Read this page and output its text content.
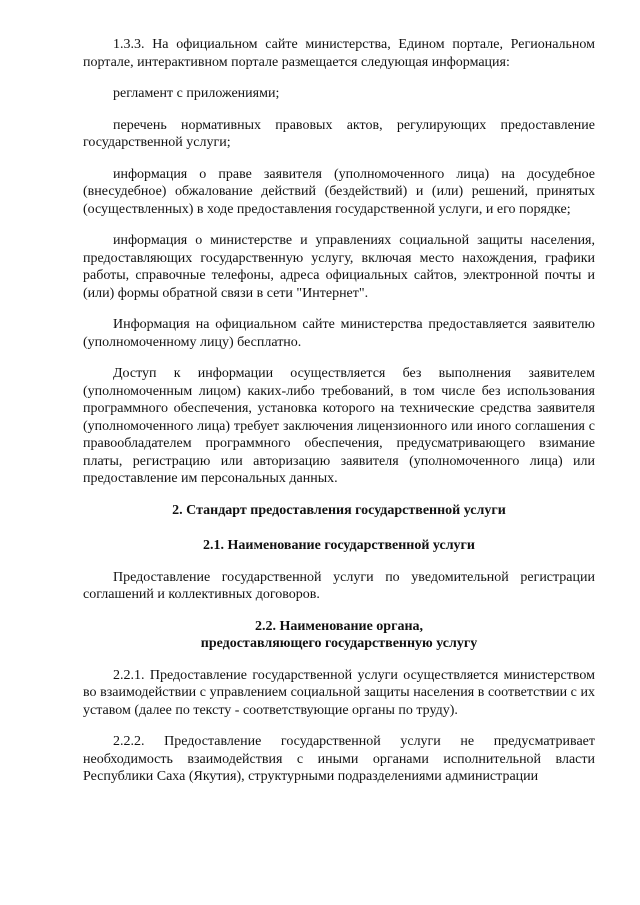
1.3.3. На официальном сайте министерства, Едином портале, Региональном портале, интерактивном портале размещается следующая информация:

регламент с приложениями;

перечень нормативных правовых актов, регулирующих предоставление государственной услуги;

информация о праве заявителя (уполномоченного лица) на досудебное (внесудебное) обжалование действий (бездействий) и (или) решений, принятых (осуществленных) в ходе предоставления государственной услуги, и его порядке;

информация о министерстве и управлениях социальной защиты населения, предоставляющих государственную услугу, включая место нахождения, графики работы, справочные телефоны, адреса официальных сайтов, электронной почты и (или) формы обратной связи в сети "Интернет".

Информация на официальном сайте министерства предоставляется заявителю (уполномоченному лицу) бесплатно.

Доступ к информации осуществляется без выполнения заявителем (уполномоченным лицом) каких-либо требований, в том числе без использования программного обеспечения, установка которого на технические средства заявителя (уполномоченного лица) требует заключения лицензионного или иного соглашения с правообладателем программного обеспечения, предусматривающего взимание платы, регистрацию или авторизацию заявителя (уполномоченного лица) или предоставление им персональных данных.

2. Стандарт предоставления государственной услуги
2.1. Наименование государственной услуги

Предоставление государственной услуги по уведомительной регистрации соглашений и коллективных договоров.

2.2. Наименование органа,
предоставляющего государственную услугу

2.2.1. Предоставление государственной услуги осуществляется министерством во взаимодействии с управлением социальной защиты населения в соответствии с их уставом (далее по тексту - соответствующие органы по труду).

2.2.2. Предоставление государственной услуги не предусматривает необходимость взаимодействия с иными органами исполнительной власти Республики Саха (Якутия), структурными подразделениями администрации
